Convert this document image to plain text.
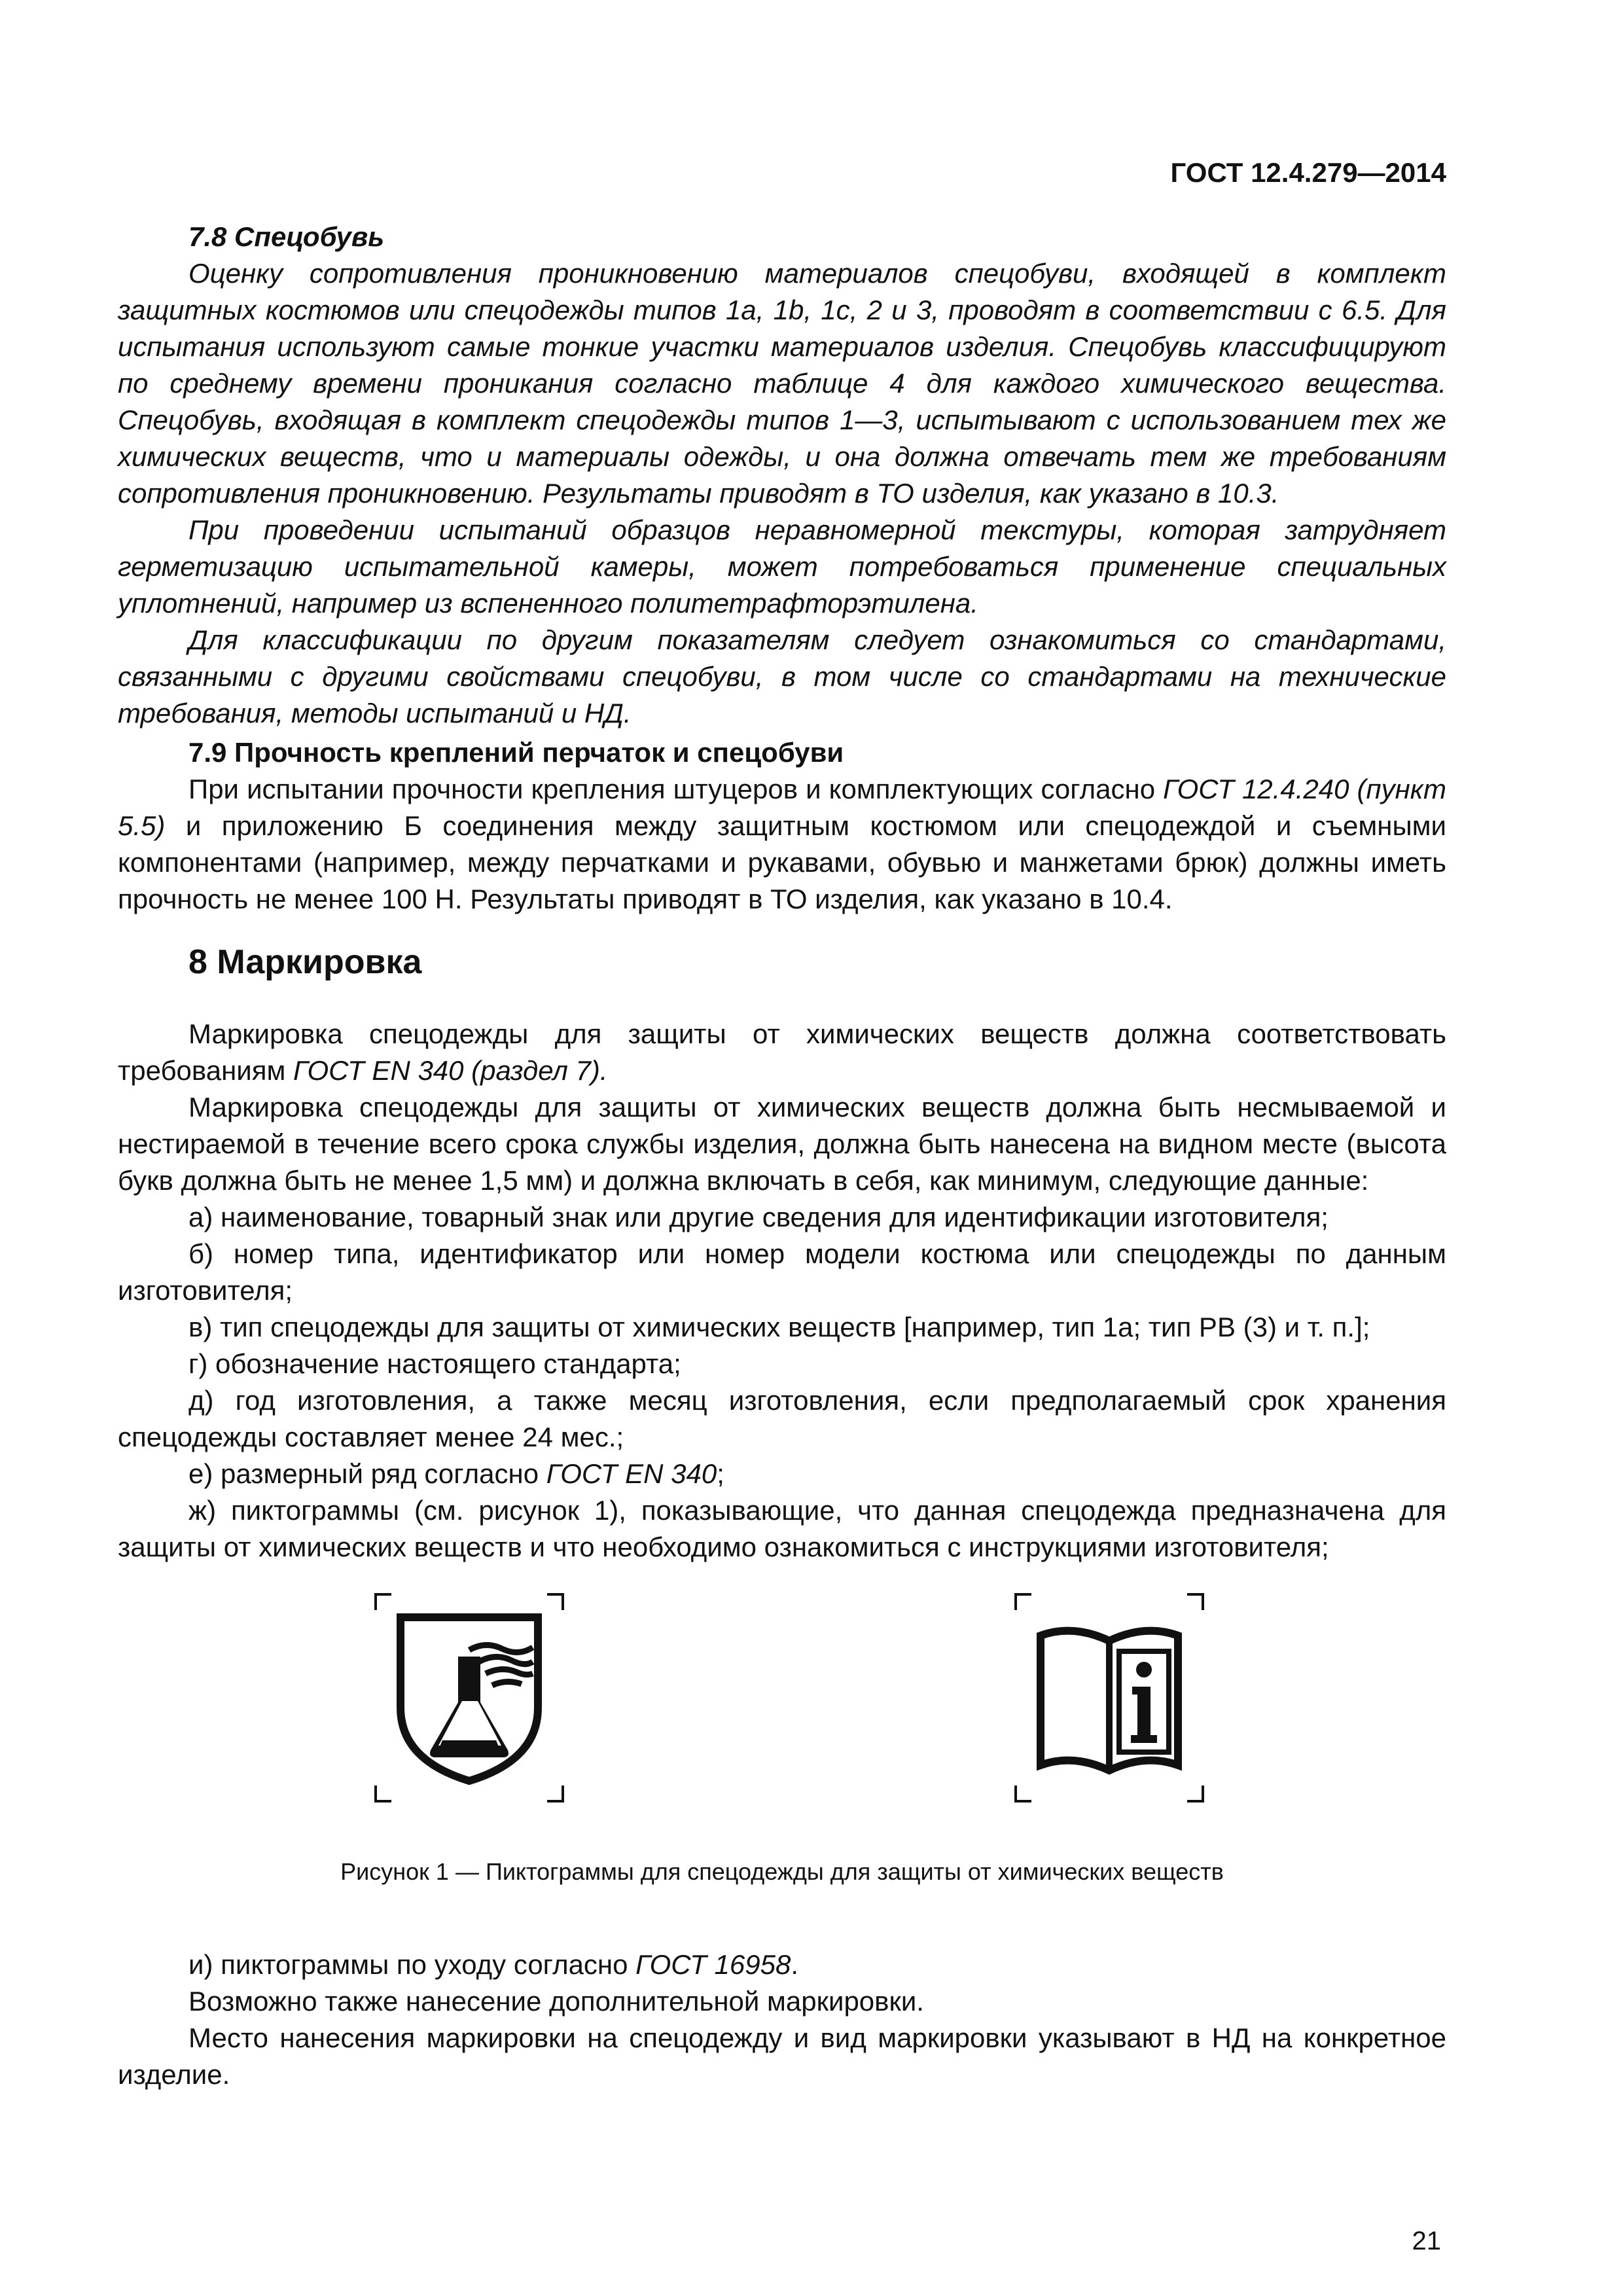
ГОСТ 12.4.279—2014

7.8 Спецобувь

Оценку сопротивления проникновению материалов спецобуви, входящей в комплект защитных костюмов или спецодежды типов 1а, 1b, 1с, 2 и 3, проводят в соответствии с 6.5. Для испытания используют самые тонкие участки материалов изделия. Спецобувь классифицируют по среднему времени проникания согласно таблице 4 для каждого химического вещества. Спецобувь, входящая в комплект спецодежды типов 1—3, испытывают с использованием тех же химических веществ, что и материалы одежды, и она должна отвечать тем же требованиям сопротивления проникновению. Результаты приводят в ТО изделия, как указано в 10.3.

При проведении испытаний образцов неравномерной текстуры, которая затрудняет герметизацию испытательной камеры, может потребоваться применение специальных уплотнений, например из вспененного политетрафторэтилена.

Для классификации по другим показателям следует ознакомиться со стандартами, связанными с другими свойствами спецобуви, в том числе со стандартами на технические требования, методы испытаний и НД.

7.9 Прочность креплений перчаток и спецобуви

При испытании прочности крепления штуцеров и комплектующих согласно ГОСТ 12.4.240 (пункт 5.5) и приложению Б соединения между защитным костюмом или спецодеждой и съемными компонентами (например, между перчатками и рукавами, обувью и манжетами брюк) должны иметь прочность не менее 100 Н. Результаты приводят в ТО изделия, как указано в 10.4.

8 Маркировка

Маркировка спецодежды для защиты от химических веществ должна соответствовать требованиям ГОСТ EN 340 (раздел 7).

Маркировка спецодежды для защиты от химических веществ должна быть несмываемой и нестираемой в течение всего срока службы изделия, должна быть нанесена на видном месте (высота букв должна быть не менее 1,5 мм) и должна включать в себя, как минимум, следующие данные:

а) наименование, товарный знак или другие сведения для идентификации изготовителя;

б) номер типа, идентификатор или номер модели костюма или спецодежды по данным изготовителя;

в) тип спецодежды для защиты от химических веществ [например, тип 1а; тип PB (3) и т. п.];

г) обозначение настоящего стандарта;

д) год изготовления, а также месяц изготовления, если предполагаемый срок хранения спецодежды составляет менее 24 мес.;

е) размерный ряд согласно ГОСТ EN 340;

ж) пиктограммы (см. рисунок 1), показывающие, что данная спецодежда предназначена для защиты от химических веществ и что необходимо ознакомиться с инструкциями изготовителя;

Рисунок 1 — Пиктограммы для спецодежды для защиты от химических веществ

и) пиктограммы по уходу согласно ГОСТ 16958.

Возможно также нанесение дополнительной маркировки.

Место нанесения маркировки на спецодежду и вид маркировки указывают в НД на конкретное изделие.

21
